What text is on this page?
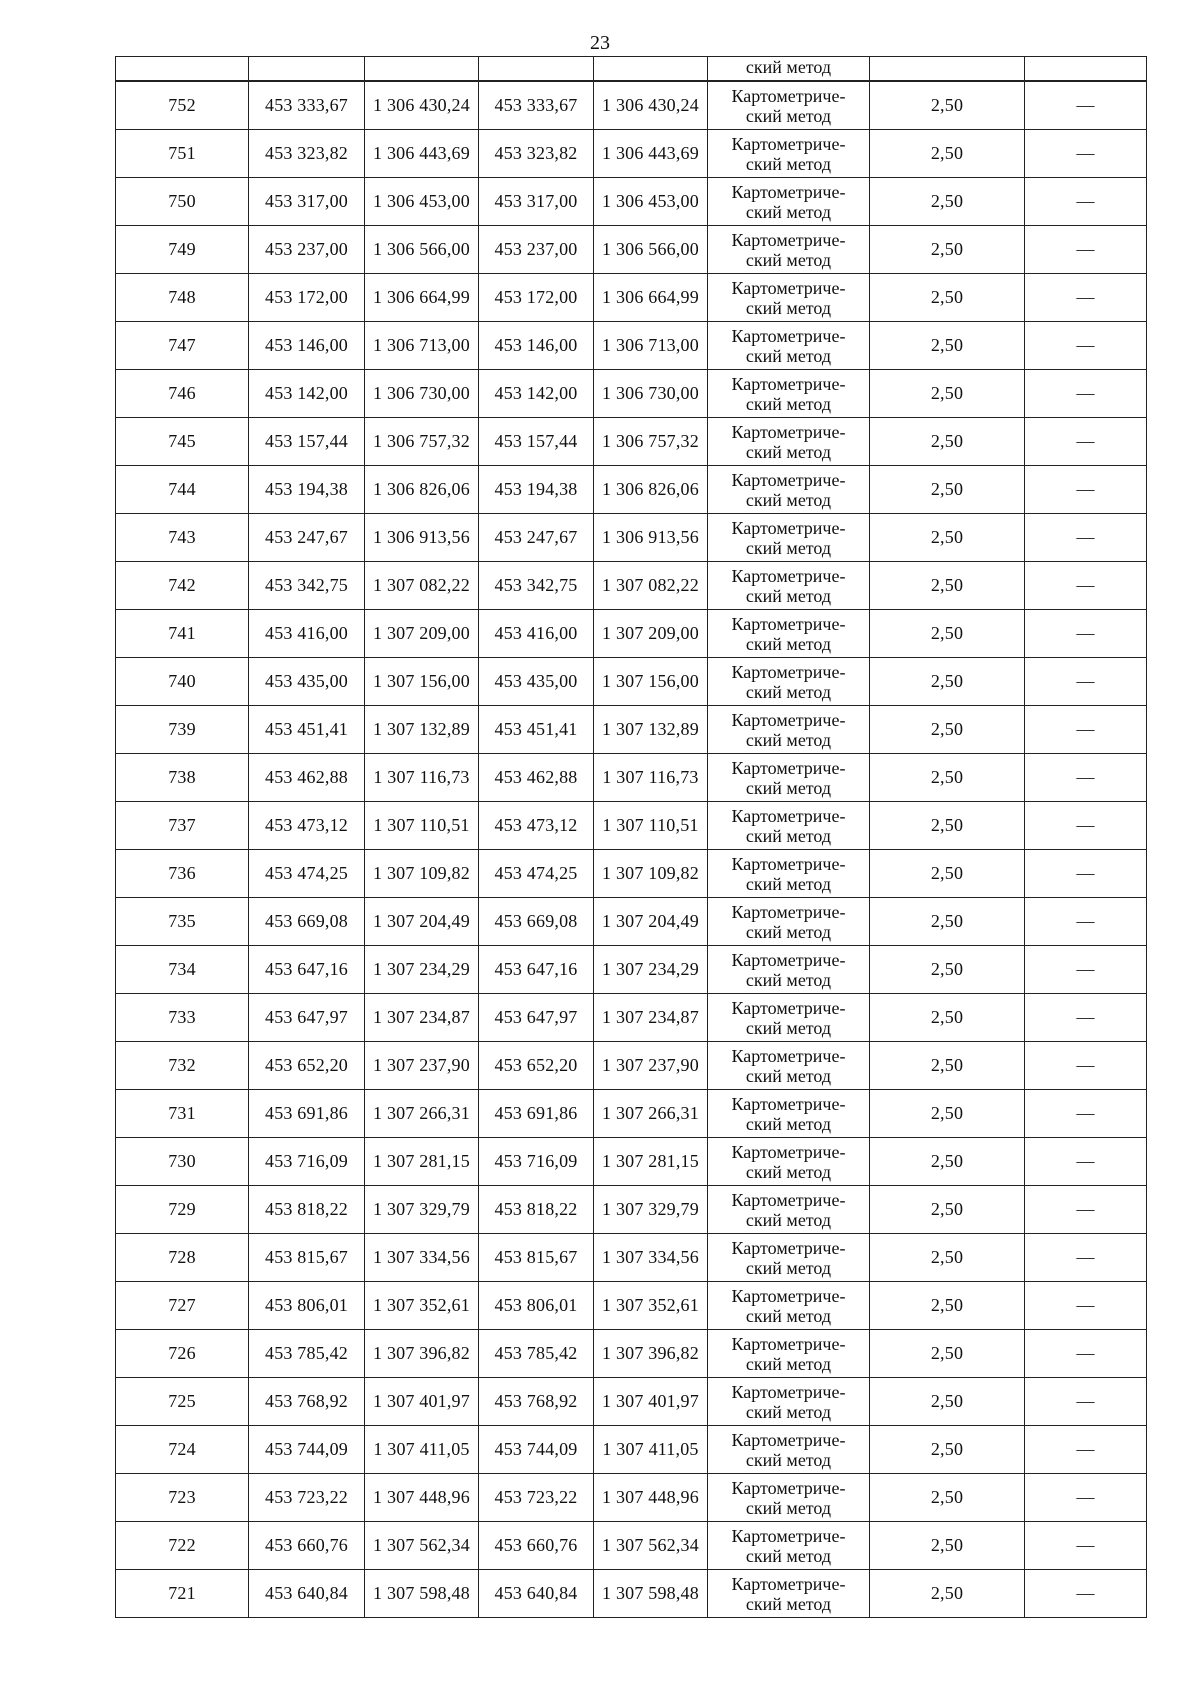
23
					ский метод		
752	453 333,67	1 306 430,24	453 333,67	1 306 430,24	Картометриче-
ский метод	2,50	—
751	453 323,82	1 306 443,69	453 323,82	1 306 443,69	Картометриче-
ский метод	2,50	—
750	453 317,00	1 306 453,00	453 317,00	1 306 453,00	Картометриче-
ский метод	2,50	—
749	453 237,00	1 306 566,00	453 237,00	1 306 566,00	Картометриче-
ский метод	2,50	—
748	453 172,00	1 306 664,99	453 172,00	1 306 664,99	Картометриче-
ский метод	2,50	—
747	453 146,00	1 306 713,00	453 146,00	1 306 713,00	Картометриче-
ский метод	2,50	—
746	453 142,00	1 306 730,00	453 142,00	1 306 730,00	Картометриче-
ский метод	2,50	—
745	453 157,44	1 306 757,32	453 157,44	1 306 757,32	Картометриче-
ский метод	2,50	—
744	453 194,38	1 306 826,06	453 194,38	1 306 826,06	Картометриче-
ский метод	2,50	—
743	453 247,67	1 306 913,56	453 247,67	1 306 913,56	Картометриче-
ский метод	2,50	—
742	453 342,75	1 307 082,22	453 342,75	1 307 082,22	Картометриче-
ский метод	2,50	—
741	453 416,00	1 307 209,00	453 416,00	1 307 209,00	Картометриче-
ский метод	2,50	—
740	453 435,00	1 307 156,00	453 435,00	1 307 156,00	Картометриче-
ский метод	2,50	—
739	453 451,41	1 307 132,89	453 451,41	1 307 132,89	Картометриче-
ский метод	2,50	—
738	453 462,88	1 307 116,73	453 462,88	1 307 116,73	Картометриче-
ский метод	2,50	—
737	453 473,12	1 307 110,51	453 473,12	1 307 110,51	Картометриче-
ский метод	2,50	—
736	453 474,25	1 307 109,82	453 474,25	1 307 109,82	Картометриче-
ский метод	2,50	—
735	453 669,08	1 307 204,49	453 669,08	1 307 204,49	Картометриче-
ский метод	2,50	—
734	453 647,16	1 307 234,29	453 647,16	1 307 234,29	Картометриче-
ский метод	2,50	—
733	453 647,97	1 307 234,87	453 647,97	1 307 234,87	Картометриче-
ский метод	2,50	—
732	453 652,20	1 307 237,90	453 652,20	1 307 237,90	Картометриче-
ский метод	2,50	—
731	453 691,86	1 307 266,31	453 691,86	1 307 266,31	Картометриче-
ский метод	2,50	—
730	453 716,09	1 307 281,15	453 716,09	1 307 281,15	Картометриче-
ский метод	2,50	—
729	453 818,22	1 307 329,79	453 818,22	1 307 329,79	Картометриче-
ский метод	2,50	—
728	453 815,67	1 307 334,56	453 815,67	1 307 334,56	Картометриче-
ский метод	2,50	—
727	453 806,01	1 307 352,61	453 806,01	1 307 352,61	Картометриче-
ский метод	2,50	—
726	453 785,42	1 307 396,82	453 785,42	1 307 396,82	Картометриче-
ский метод	2,50	—
725	453 768,92	1 307 401,97	453 768,92	1 307 401,97	Картометриче-
ский метод	2,50	—
724	453 744,09	1 307 411,05	453 744,09	1 307 411,05	Картометриче-
ский метод	2,50	—
723	453 723,22	1 307 448,96	453 723,22	1 307 448,96	Картометриче-
ский метод	2,50	—
722	453 660,76	1 307 562,34	453 660,76	1 307 562,34	Картометриче-
ский метод	2,50	—
721	453 640,84	1 307 598,48	453 640,84	1 307 598,48	Картометриче-
ский метод	2,50	—
